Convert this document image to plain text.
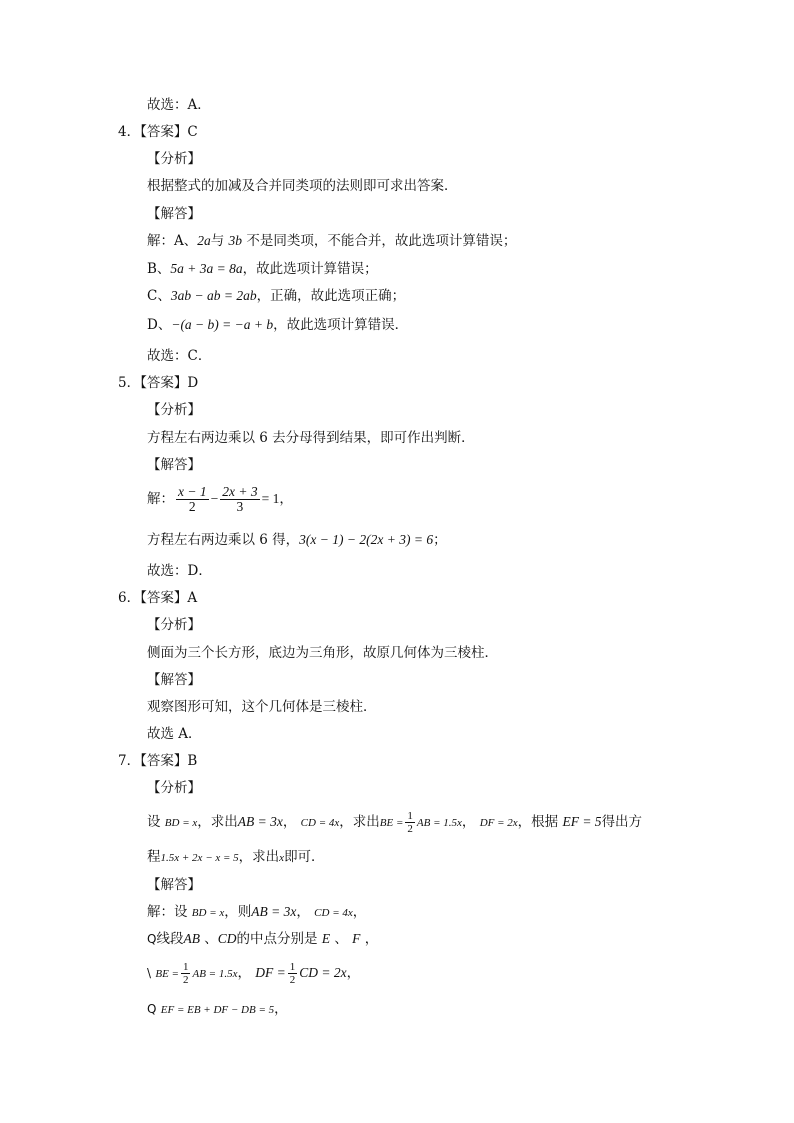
故选：A．
4．【答案】C
【分析】
根据整式的加减及合并同类项的法则即可求出答案．
【解答】
解：A、2a与 3b 不是同类项，不能合并，故此选项计算错误；
B、5a + 3a = 8a，故此选项计算错误；
C、3ab − ab = 2ab，正确，故此选项正确；
D、−(a − b) = −a + b，故此选项计算错误．
故选：C．
5．【答案】D
【分析】
方程左右两边乘以 6 去分母得到结果，即可作出判断．
【解答】
解： $\frac{x - 1}{2} - \frac{2x + 3}{3} = 1$，
方程左右两边乘以 6 得，3(x − 1) − 2(2x + 3) = 6；
故选：D．
6．【答案】A
【分析】
侧面为三个长方形，底边为三角形，故原几何体为三棱柱．
【解答】
观察图形可知，这个几何体是三棱柱．
故选 A．
7．【答案】B
【分析】
设 BD = x，求出AB = 3x， CD = 4x，求出BE = $\frac{1}{2}$ AB = 1.5x， DF = 2x，根据 EF = 5得出方
程1.5x + 2x − x = 5，求出x即可．
【解答】
解：设 BD = x，则AB = 3x， CD = 4x，
Q线段AB 、CD的中点分别是 E 、 F ，
\ BE = $\frac{1}{2}$ AB = 1.5x， DF = $\frac{1}{2}$ CD = 2x，
Q EF = EB + DF − DB = 5，
